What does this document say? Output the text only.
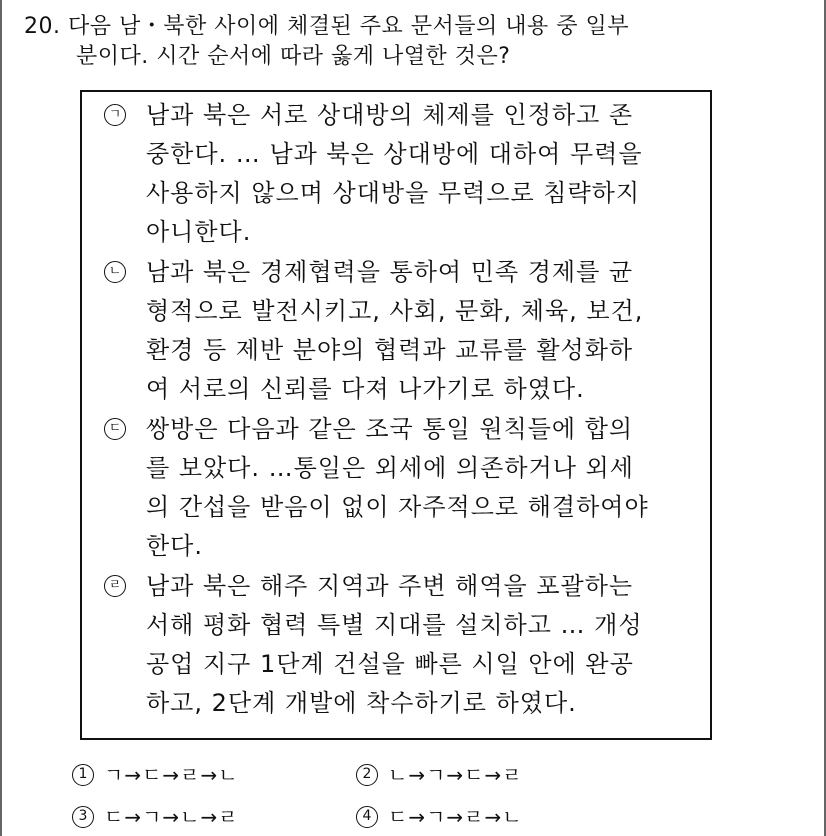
20. 다음 남・북한 사이에 체결된 주요 문서들의 내용 중 일부
분이다. 시간 순서에 따라 옳게 나열한 것은?
ㄱ 남과 북은 서로 상대방의 체제를 인정하고 존
중한다. … 남과 북은 상대방에 대하여 무력을
사용하지 않으며 상대방을 무력으로 침략하지
아니한다.
ㄴ 남과 북은 경제협력을 통하여 민족 경제를 균
형적으로 발전시키고, 사회, 문화, 체육, 보건,
환경 등 제반 분야의 협력과 교류를 활성화하
여 서로의 신뢰를 다져 나가기로 하였다.
ㄷ 쌍방은 다음과 같은 조국 통일 원칙들에 합의
를 보았다. …통일은 외세에 의존하거나 외세
의 간섭을 받음이 없이 자주적으로 해결하여야
한다.
ㄹ 남과 북은 해주 지역과 주변 해역을 포괄하는
서해 평화 협력 특별 지대를 설치하고 … 개성
공업 지구 1단계 건설을 빠른 시일 안에 완공
하고, 2단계 개발에 착수하기로 하였다.
1 ㄱ→ㄷ→ㄹ→ㄴ	2 ㄴ→ㄱ→ㄷ→ㄹ
3 ㄷ→ㄱ→ㄴ→ㄹ	4 ㄷ→ㄱ→ㄹ→ㄴ
